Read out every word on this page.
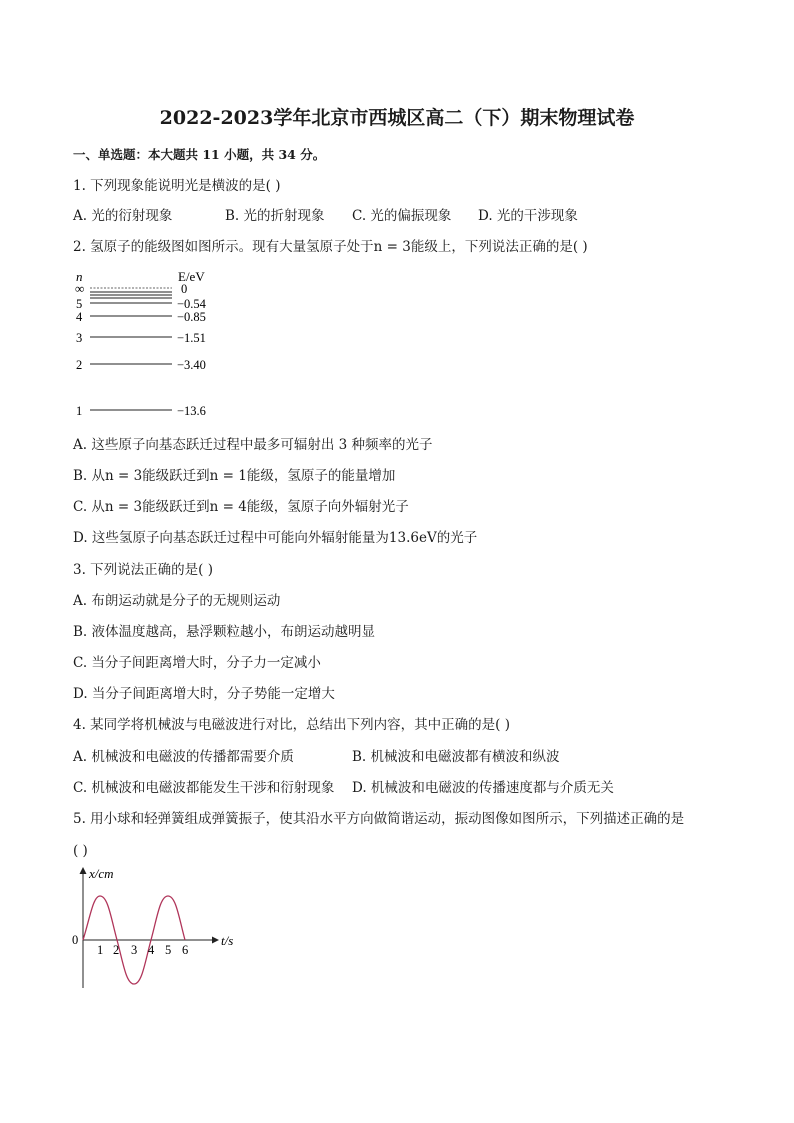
2022-2023学年北京市西城区高二（下）期末物理试卷
一、单选题：本大题共 11 小题，共 34 分。
1. 下列现象能说明光是横波的是( )
A. 光的衍射现象	B. 光的折射现象 C. 光的偏振现象 D. 光的干涉现象
2. 氢原子的能级图如图所示。现有大量氢原子处于n = 3能级上，下列说法正确的是( )
n	E/eV
∞	0
5	−0.54
4	−0.85
3	−1.51
2	−3.40
1	−13.6
A. 这些原子向基态跃迁过程中最多可辐射出 3 种频率的光子
B. 从n = 3能级跃迁到n = 1能级，氢原子的能量增加
C. 从n = 3能级跃迁到n = 4能级，氢原子向外辐射光子
D. 这些氢原子向基态跃迁过程中可能向外辐射能量为13.6eV的光子
3. 下列说法正确的是( )
A. 布朗运动就是分子的无规则运动
B. 液体温度越高，悬浮颗粒越小，布朗运动越明显
C. 当分子间距离增大时，分子力一定减小
D. 当分子间距离增大时，分子势能一定增大
4. 某同学将机械波与电磁波进行对比，总结出下列内容，其中正确的是( )
A. 机械波和电磁波的传播都需要介质	B. 机械波和电磁波都有横波和纵波
C. 机械波和电磁波都能发生干涉和衍射现象 D. 机械波和电磁波的传播速度都与介质无关
5. 用小球和轻弹簧组成弹簧振子，使其沿水平方向做简谐运动，振动图像如图所示，下列描述正确的是
( )
x/cm
t/s
0
1 2 3 4 5 6
